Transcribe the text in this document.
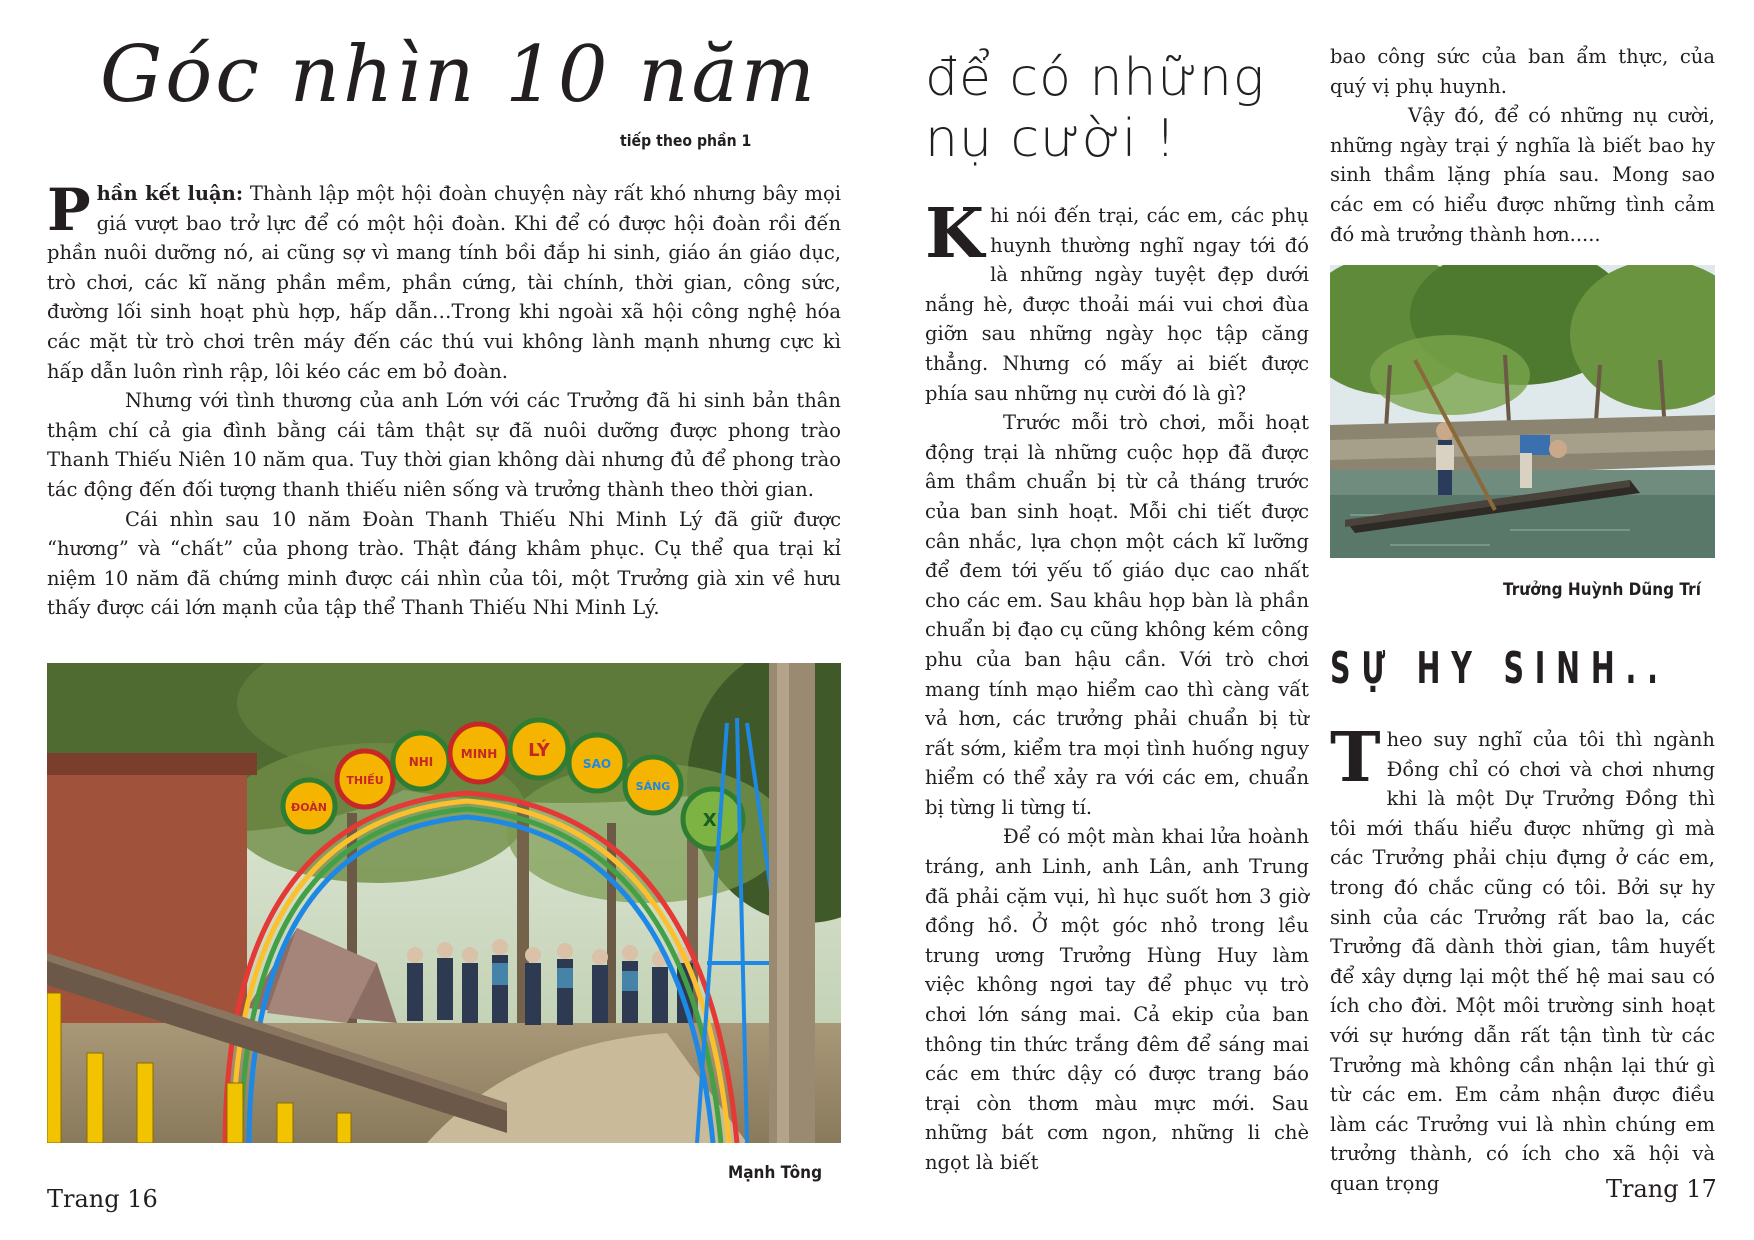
Góc nhìn 10 năm
tiếp theo phần 1

Phần kết luận: Thành lập một hội đoàn chuyện này rất khó nhưng bây mọi giá vượt bao trở lực để có một hội đoàn. Khi để có được hội đoàn rồi đến phần nuôi dưỡng nó, ai cũng sợ vì mang tính bồi đắp hi sinh, giáo án giáo dục, trò chơi, các kĩ năng phần mềm, phần cứng, tài chính, thời gian, công sức, đường lối sinh hoạt phù hợp, hấp dẫn…Trong khi ngoài xã hội công nghệ hóa các mặt từ trò chơi trên máy đến các thú vui không lành mạnh nhưng cực kì hấp dẫn luôn rình rập, lôi kéo các em bỏ đoàn.

Nhưng với tình thương của anh Lớn với các Trưởng đã hi sinh bản thân thậm chí cả gia đình bằng cái tâm thật sự đã nuôi dưỡng được phong trào Thanh Thiếu Niên 10 năm qua. Tuy thời gian không dài nhưng đủ để phong trào tác động đến đối tượng thanh thiếu niên sống và trưởng thành theo thời gian.

Cái nhìn sau 10 năm Đoàn Thanh Thiếu Nhi Minh Lý đã giữ được “hương” và “chất” của phong trào. Thật đáng khâm phục. Cụ thể qua trại kỉ niệm 10 năm đã chứng minh được cái nhìn của tôi, một Trưởng già xin về hưu thấy được cái lớn mạnh của tập thể Thanh Thiếu Nhi Minh Lý.

ĐOÀN
THIẾU
NHI
MINH LÝ
SAO
SÁNG
XI
Mạnh Tông
Trang 16
để có những
nụ cười !

Khi nói đến trại, các em, các phụ huynh thường nghĩ ngay tới đó là những ngày tuyệt đẹp dưới nắng hè, được thoải mái vui chơi đùa giỡn sau những ngày học tập căng thẳng. Nhưng có mấy ai biết được phía sau những nụ cười đó là gì?

Trước mỗi trò chơi, mỗi hoạt động trại là những cuộc họp đã được âm thầm chuẩn bị từ cả tháng trước của ban sinh hoạt. Mỗi chi tiết được cân nhắc, lựa chọn một cách kĩ lưỡng để đem tới yếu tố giáo dục cao nhất cho các em. Sau khâu họp bàn là phần chuẩn bị đạo cụ cũng không kém công phu của ban hậu cần. Với trò chơi mang tính mạo hiểm cao thì càng vất vả hơn, các trưởng phải chuẩn bị từ rất sớm, kiểm tra mọi tình huống nguy hiểm có thể xảy ra với các em, chuẩn bị từng li từng tí.

Để có một màn khai lửa hoành tráng, anh Linh, anh Lân, anh Trung đã phải cặm vụi, hì hục suốt hơn 3 giờ đồng hồ. Ở một góc nhỏ trong lều trung ương Trưởng Hùng Huy làm việc không ngơi tay để phục vụ trò chơi lớn sáng mai. Cả ekip của ban thông tin thức trắng đêm để sáng mai các em thức dậy có được trang báo trại còn thơm màu mực mới. Sau những bát cơm ngon, những li chè ngọt là biết

bao công sức của ban ẩm thực, của quý vị phụ huynh.

Vậy đó, để có những nụ cười, những ngày trại ý nghĩa là biết bao hy sinh thầm lặng phía sau. Mong sao các em có hiểu được những tình cảm đó mà trưởng thành hơn.....

Trưởng Huỳnh Dũng Trí
SỰ HY SINH..

Theo suy nghĩ của tôi thì ngành Đồng chỉ có chơi và chơi nhưng khi là một Dự Trưởng Đồng thì tôi mới thấu hiểu được những gì mà các Trưởng phải chịu đựng ở các em, trong đó chắc cũng có tôi. Bởi sự hy sinh của các Trưởng rất bao la, các Trưởng đã dành thời gian, tâm huyết để xây dựng lại một thế hệ mai sau có ích cho đời. Một môi trường sinh hoạt với sự hướng dẫn rất tận tình từ các Trưởng mà không cần nhận lại thứ gì từ các em. Em cảm nhận được điều làm các Trưởng vui là nhìn chúng em trưởng thành, có ích cho xã hội và quan trọng	Trang 17
